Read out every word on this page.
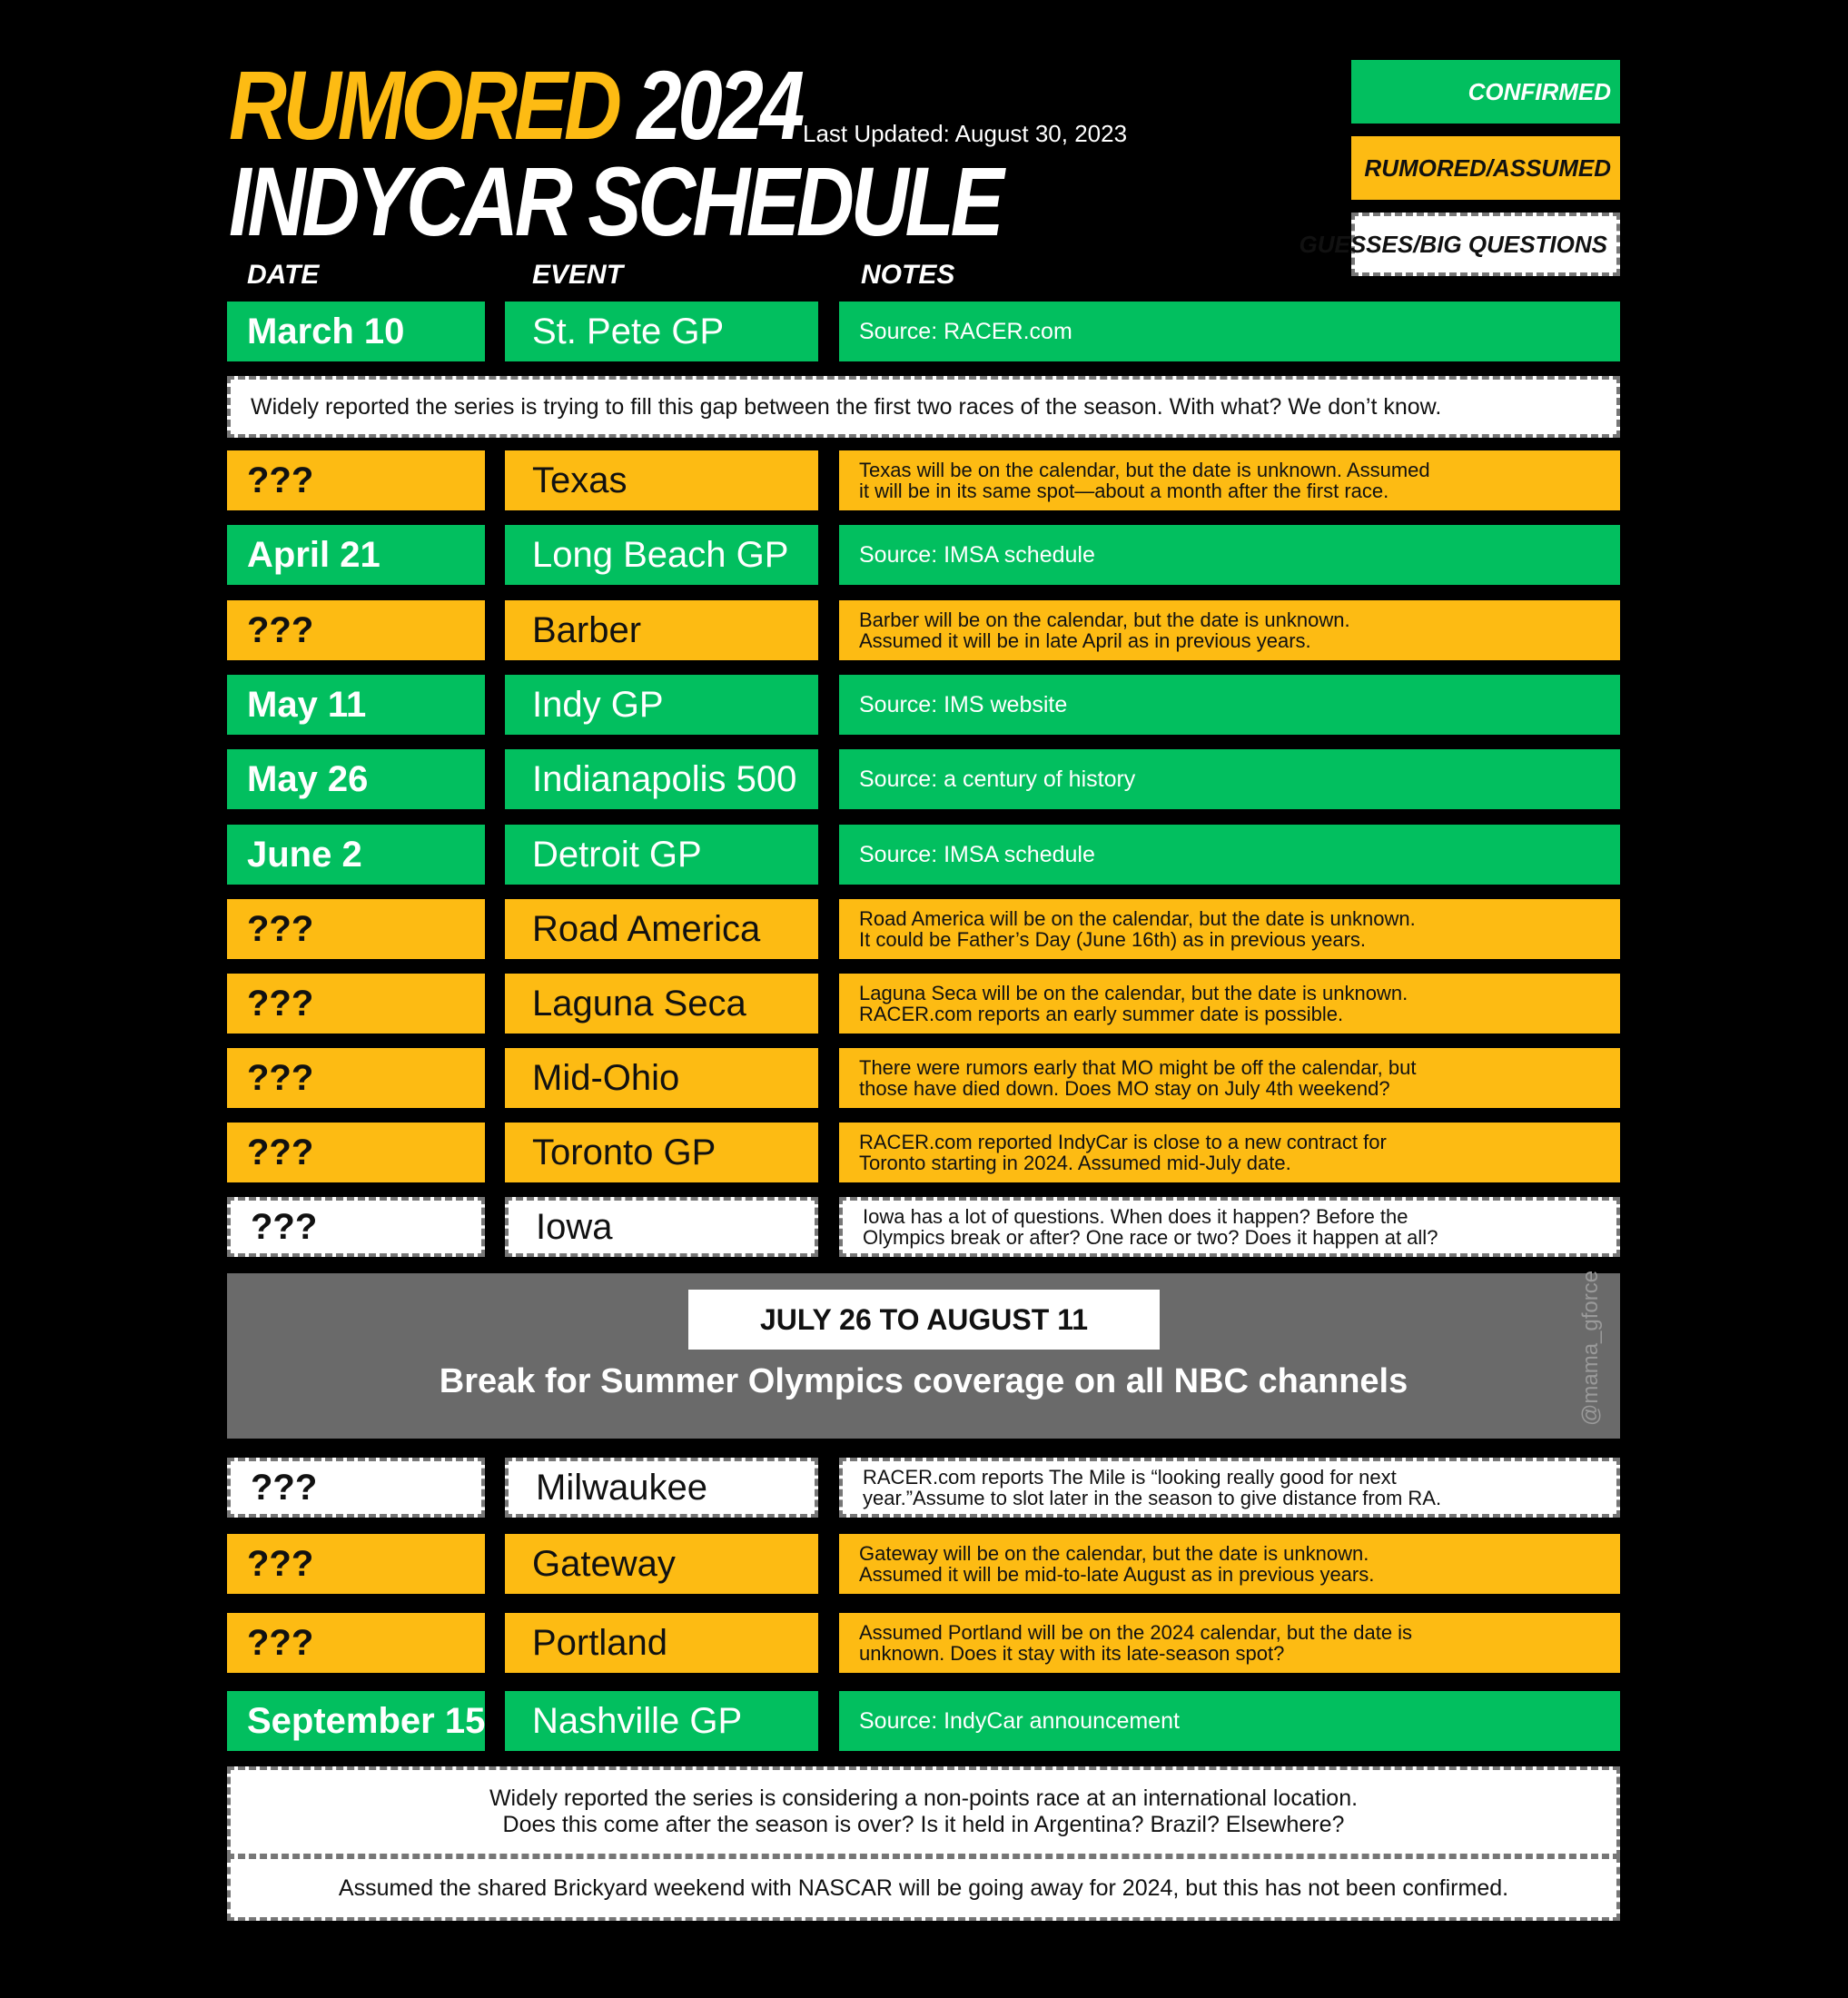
RUMORED 2024
INDYCAR SCHEDULE
Last Updated: August 30, 2023
CONFIRMED
RUMORED/ASSUMED
GUESSES/BIG QUESTIONS
DATE	EVENT	NOTES
March 10	St. Pete GP	Source: RACER.com
Widely reported the series is trying to fill this gap between the first two races of the season. With what? We don’t know.
???	Texas	Texas will be on the calendar, but the date is unknown. Assumed
it will be in its same spot—about a month after the first race.
April 21	Long Beach GP	Source: IMSA schedule
???	Barber	Barber will be on the calendar, but the date is unknown.
Assumed it will be in late April as in previous years.
May 11	Indy GP	Source: IMS website
May 26	Indianapolis 500	Source: a century of history
June 2	Detroit GP	Source: IMSA schedule
???	Road America	Road America will be on the calendar, but the date is unknown.
It could be Father’s Day (June 16th) as in previous years.
???	Laguna Seca	Laguna Seca will be on the calendar, but the date is unknown.
RACER.com reports an early summer date is possible.
???	Mid-Ohio	There were rumors early that MO might be off the calendar, but
those have died down. Does MO stay on July 4th weekend?
???	Toronto GP	RACER.com reported IndyCar is close to a new contract for
Toronto starting in 2024. Assumed mid-July date.
???	Iowa	Iowa has a lot of questions. When does it happen? Before the
Olympics break or after? One race or two? Does it happen at all?
JULY 26 TO AUGUST 11
Break for Summer Olympics coverage on all NBC channels	@mama_gforce
???	Milwaukee	RACER.com reports The Mile is “looking really good for next
year.”Assume to slot later in the season to give distance from RA.
???	Gateway	Gateway will be on the calendar, but the date is unknown.
Assumed it will be mid-to-late August as in previous years.
???	Portland	Assumed Portland will be on the 2024 calendar, but the date is
unknown. Does it stay with its late-season spot?
September 15	Nashville GP	Source: IndyCar announcement
Widely reported the series is considering a non-points race at an international location.
Does this come after the season is over? Is it held in Argentina? Brazil? Elsewhere?
Assumed the shared Brickyard weekend with NASCAR will be going away for 2024, but this has not been confirmed.
